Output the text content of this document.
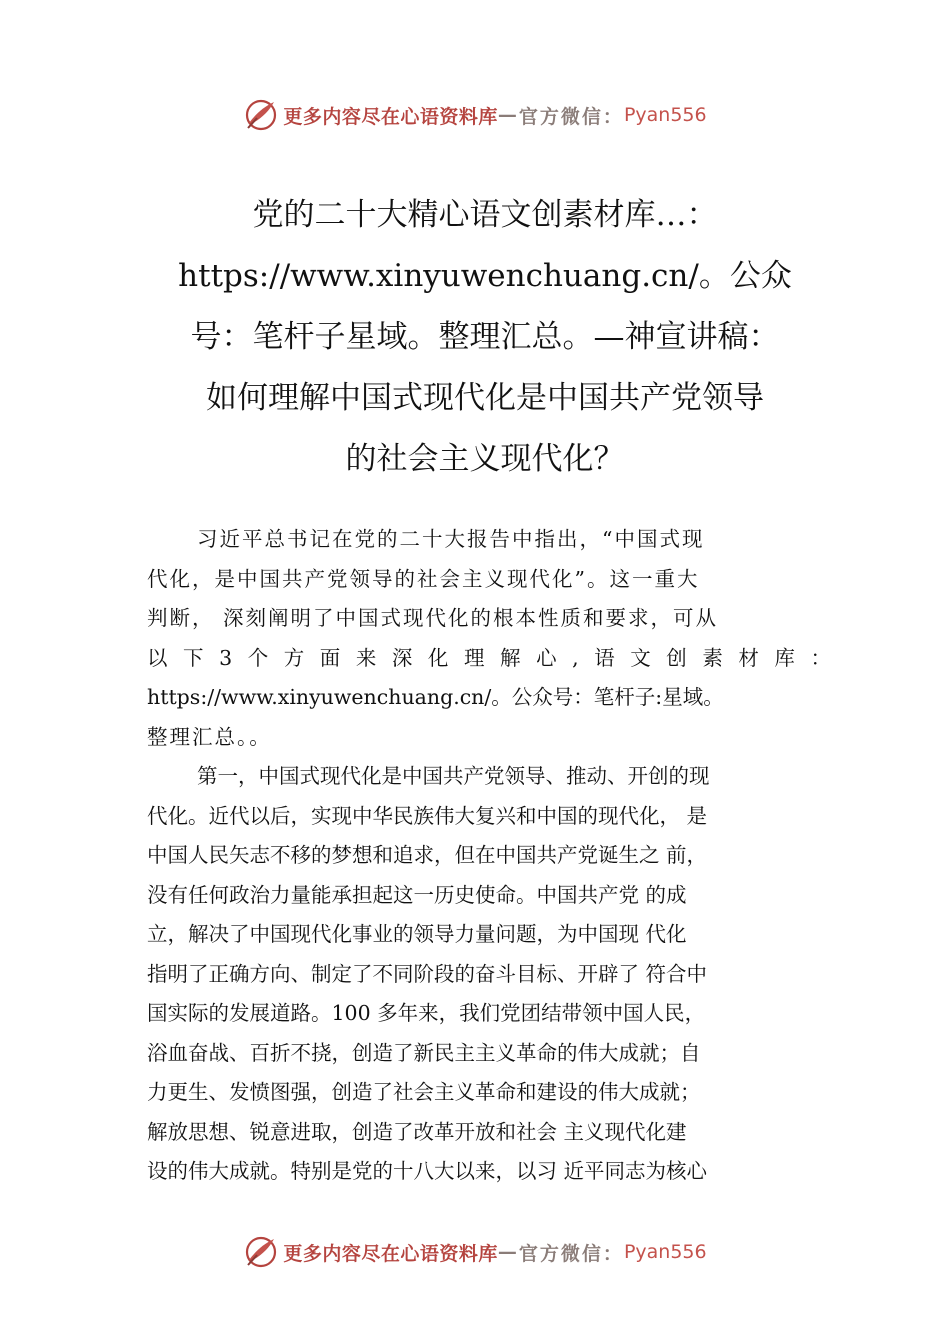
更多内容尽在心语资料库 — 官方微信： Pyan556
党的二十大精心语文创素材库…：
https://www.xinyuwenchuang.cn/。公众
号：笔杆子星域。整理汇总。—神宣讲稿：
如何理解中国式现代化是中国共产党领导
的社会主义现代化？

习近平总书记在党的二十大报告中指出，“中国式现
代化，是中国共产党领导的社会主义现代化”。这一重大
判断， 深刻阐明了中国式现代化的根本性质和要求，可从
以 下 3 个 方 面 来 深 化 理 解 心 , 语 文 创 素 材 库 ：
https://www.xinyuwenchuang.cn/。公众号：笔杆子:星域。
整理汇总。。

第一，中国式现代化是中国共产党领导、推动、开创的现
代化。近代以后，实现中华民族伟大复兴和中国的现代化， 是
中国人民矢志不移的梦想和追求，但在中国共产党诞生之 前，
没有任何政治力量能承担起这一历史使命。中国共产党 的成
立，解决了中国现代化事业的领导力量问题，为中国现 代化
指明了正确方向、制定了不同阶段的奋斗目标、开辟了 符合中
国实际的发展道路。100 多年来，我们党团结带领中国人民，
浴血奋战、百折不挠，创造了新民主主义革命的伟大成就；自
力更生、发愤图强，创造了社会主义革命和建设的伟大成就；
解放思想、锐意进取，创造了改革开放和社会 主义现代化建
设的伟大成就。特别是党的十八大以来，以习 近平同志为核心

更多内容尽在心语资料库 — 官方微信： Pyan556
